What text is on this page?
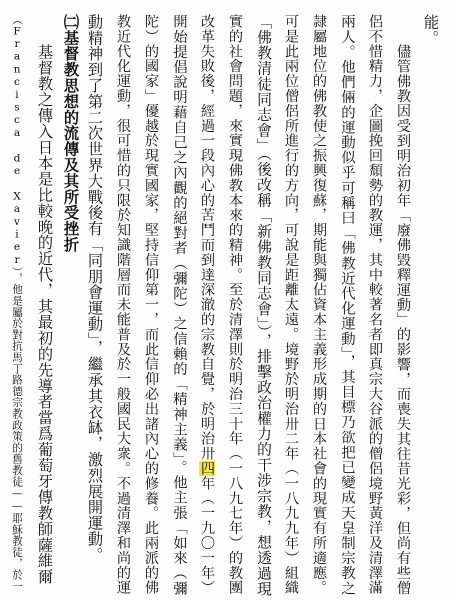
能。
儘管佛教因受到明治初年「廢佛毀釋運動」的影響，而喪失其往昔光彩，但尚有些僧
侶不惜精力，企圖挽回頹勢的教運，其中較著名者即真宗大谷派的僧侶境野黃洋及清澤滿
兩人。他們倆的運動似乎可稱曰「佛教近代化運動」，其目標乃欲把已變成天皇制宗教之
隷屬地位的佛教使之振興復蘇，期能與獨佔資本主義形成期的日本社會的現實有所適應。
可是此兩位僧侶所進行的方向，可說是距離太遠。境野於明治卅二年（一八九九年）組織
「佛教清徒同志會」（後改稱「新佛教同志會」），排擊政治權力的干涉宗教，想透過現
實的社會問題，來實現佛教本來的精神。至於清澤則於明治三十年（一八九七年）的教團
改革失敗後，經過一段內心的苦鬥而到達深澈的宗教自覺，於明治卅四年（一九〇一年）
開始提倡說明藉自己之內觀的絕對者（彌陀）之信賴的「精神主義」。他主張「如來（彌
陀）的國家」優越於現實國家，堅持信仰第一，而此信仰必出諸內心的修養。此兩派的佛
教近代化運動，很可惜的只限於知識階層而未能普及於一般國民大衆。不過清澤和尚的運
動精神到了第二次世界大戰後有「同朋會運動」，繼承其衣缽，激烈展開運動。
㈡基督教思想的流傳及其所受挫折
基督教之傳入日本是比較晚的近代，其最初的先導者當爲葡萄牙傳教師薩維爾
（Francisca de Xavier），他是屬於對抗馬丁路德宗教政策的舊教徒——耶穌教徒，於一
